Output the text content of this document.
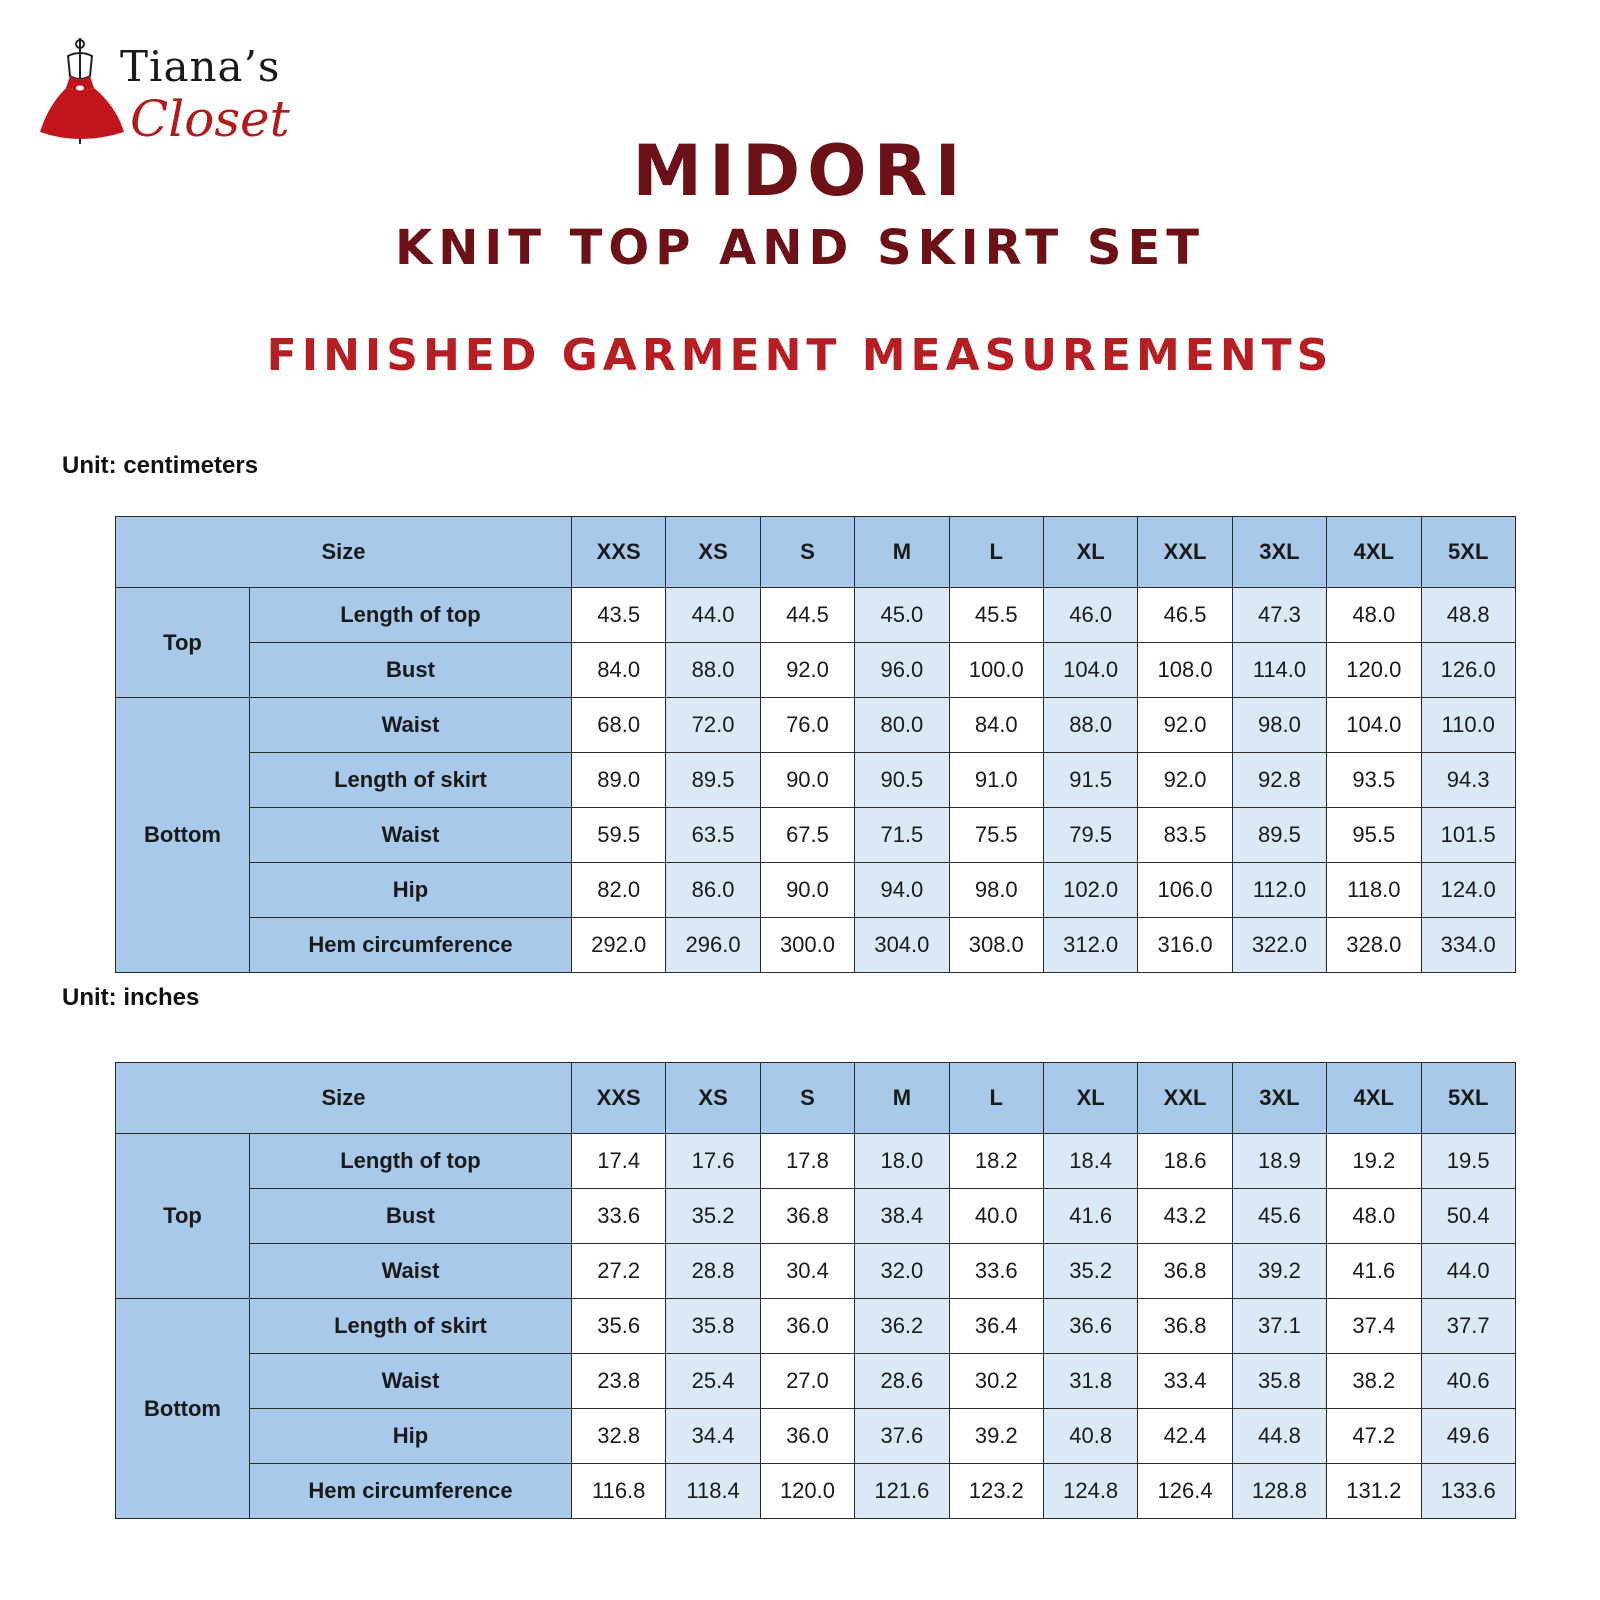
Tiana’s
Closet
MIDORI
KNIT TOP AND SKIRT SET
FINISHED GARMENT MEASUREMENTS
Unit: centimeters
Size		XXS	XS	S	M	L	XL	XXL	3XL	4XL	5XL
Top	Length of top	43.5	44.0	44.5	45.0	45.5	46.0	46.5	47.3	48.0	48.8
	Bust	84.0	88.0	92.0	96.0	100.0	104.0	108.0	114.0	120.0	126.0
Bottom	Waist	68.0	72.0	76.0	80.0	84.0	88.0	92.0	98.0	104.0	110.0
	Length of skirt	89.0	89.5	90.0	90.5	91.0	91.5	92.0	92.8	93.5	94.3
	Waist	59.5	63.5	67.5	71.5	75.5	79.5	83.5	89.5	95.5	101.5
	Hip	82.0	86.0	90.0	94.0	98.0	102.0	106.0	112.0	118.0	124.0
	Hem circumference	292.0	296.0	300.0	304.0	308.0	312.0	316.0	322.0	328.0	334.0
Unit: inches
Size		XXS	XS	S	M	L	XL	XXL	3XL	4XL	5XL
Top	Length of top	17.4	17.6	17.8	18.0	18.2	18.4	18.6	18.9	19.2	19.5
	Bust	33.6	35.2	36.8	38.4	40.0	41.6	43.2	45.6	48.0	50.4
	Waist	27.2	28.8	30.4	32.0	33.6	35.2	36.8	39.2	41.6	44.0
Bottom	Length of skirt	35.6	35.8	36.0	36.2	36.4	36.6	36.8	37.1	37.4	37.7
	Waist	23.8	25.4	27.0	28.6	30.2	31.8	33.4	35.8	38.2	40.6
	Hip	32.8	34.4	36.0	37.6	39.2	40.8	42.4	44.8	47.2	49.6
	Hem circumference	116.8	118.4	120.0	121.6	123.2	124.8	126.4	128.8	131.2	133.6
